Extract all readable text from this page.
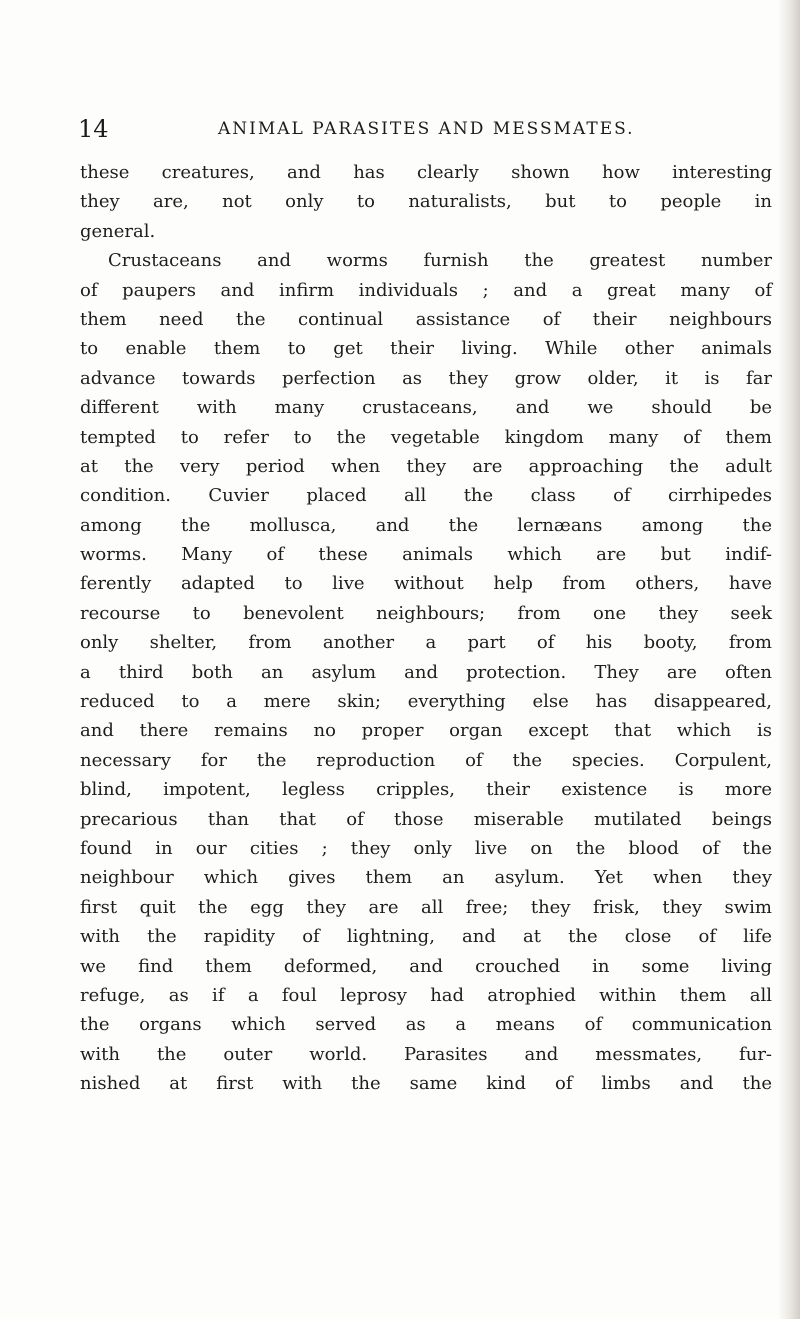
14	ANIMAL PARASITES AND MESSMATES.
these creatures, and has clearly shown how interesting
they are, not only to naturalists, but to people in
general.
Crustaceans and worms furnish the greatest number
of paupers and infirm individuals ; and a great many of
them need the continual assistance of their neighbours
to enable them to get their living. While other animals
advance towards perfection as they grow older, it is far
different with many crustaceans, and we should be
tempted to refer to the vegetable kingdom many of them
at the very period when they are approaching the adult
condition. Cuvier placed all the class of cirrhipedes
among the mollusca, and the lernæans among the
worms. Many of these animals which are but indif-
ferently adapted to live without help from others, have
recourse to benevolent neighbours; from one they seek
only shelter, from another a part of his booty, from
a third both an asylum and protection. They are often
reduced to a mere skin; everything else has disappeared,
and there remains no proper organ except that which is
necessary for the reproduction of the species. Corpulent,
blind, impotent, legless cripples, their existence is more
precarious than that of those miserable mutilated beings
found in our cities ; they only live on the blood of the
neighbour which gives them an asylum. Yet when they
first quit the egg they are all free; they frisk, they swim
with the rapidity of lightning, and at the close of life
we find them deformed, and crouched in some living
refuge, as if a foul leprosy had atrophied within them all
the organs which served as a means of communication
with the outer world. Parasites and messmates, fur-
nished at first with the same kind of limbs and the
